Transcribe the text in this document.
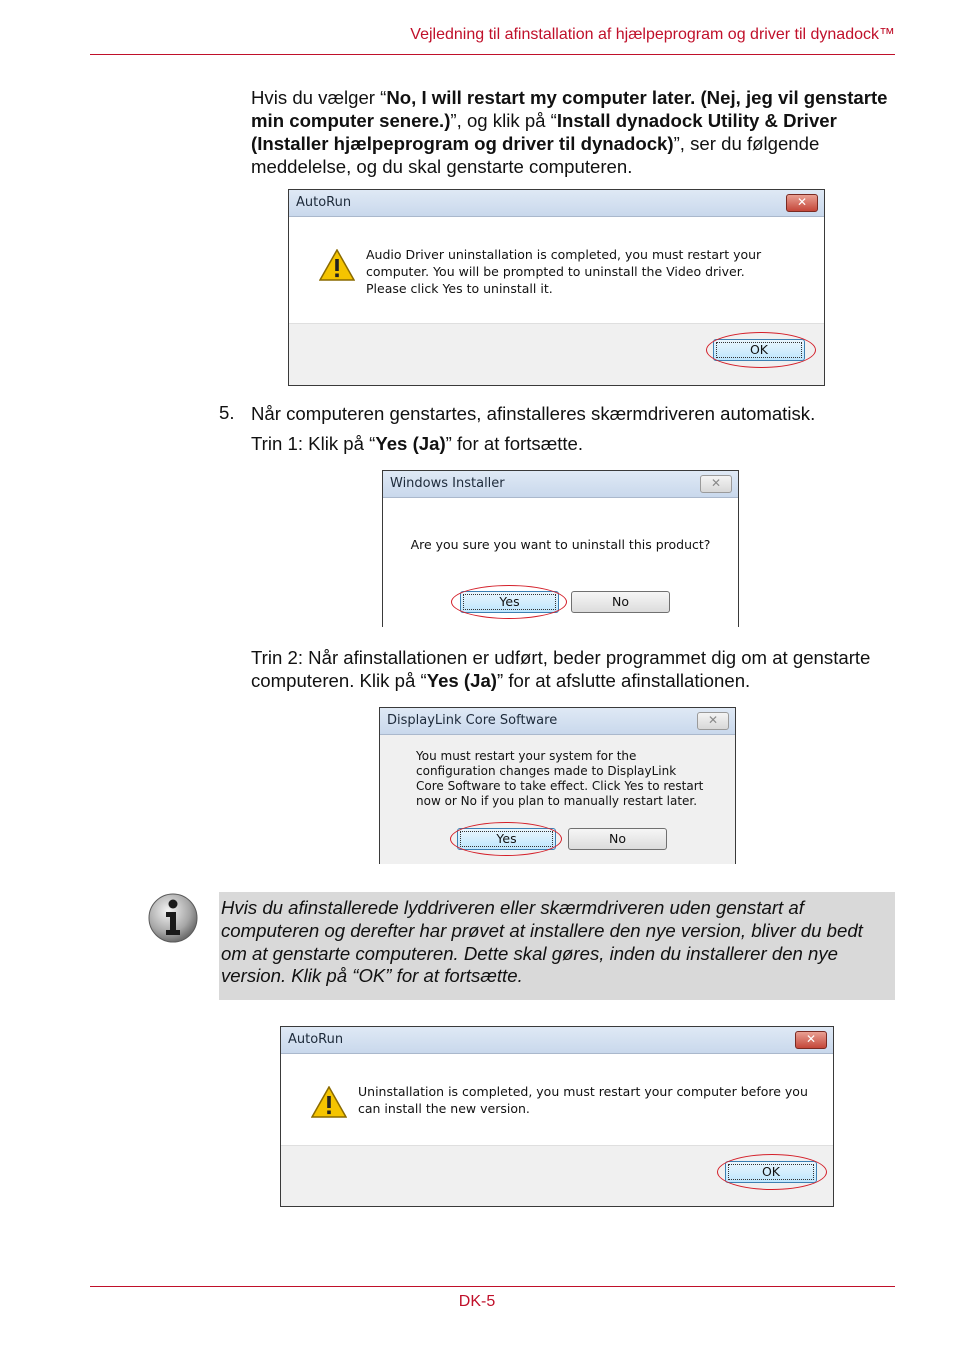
Vejledning til afinstallation af hjælpeprogram og driver til dynadock™
Hvis du vælger “No, I will restart my computer later. (Nej, jeg vil genstarte min computer senere.)”, og klik på “Install dynadock Utility & Driver (Installer hjælpeprogram og driver til dynadock)”, ser du følgende meddelelse, og du skal genstarte computeren.
AutoRun	✕
Audio Driver uninstallation is completed, you must restart your computer. You will be prompted to uninstall the Video driver. Please click Yes to uninstall it.
OK
5. Når computeren genstartes, afinstalleres skærmdriveren automatisk.
Trin 1: Klik på “Yes (Ja)” for at fortsætte.
Windows Installer	✕
Are you sure you want to uninstall this product?
Yes	No
Trin 2: Når afinstallationen er udført, beder programmet dig om at genstarte computeren. Klik på “Yes (Ja)” for at afslutte afinstallationen.
DisplayLink Core Software	✕
You must restart your system for the configuration changes made to DisplayLink Core Software to take effect. Click Yes to restart now or No if you plan to manually restart later.
Yes	No
Hvis du afinstallerede lyddriveren eller skærmdriveren uden genstart af computeren og derefter har prøvet at installere den nye version, bliver du bedt om at genstarte computeren. Dette skal gøres, inden du installerer den nye version. Klik på “OK” for at fortsætte.
AutoRun	✕
Uninstallation is completed, you must restart your computer before you can install the new version.
OK
DK-5
